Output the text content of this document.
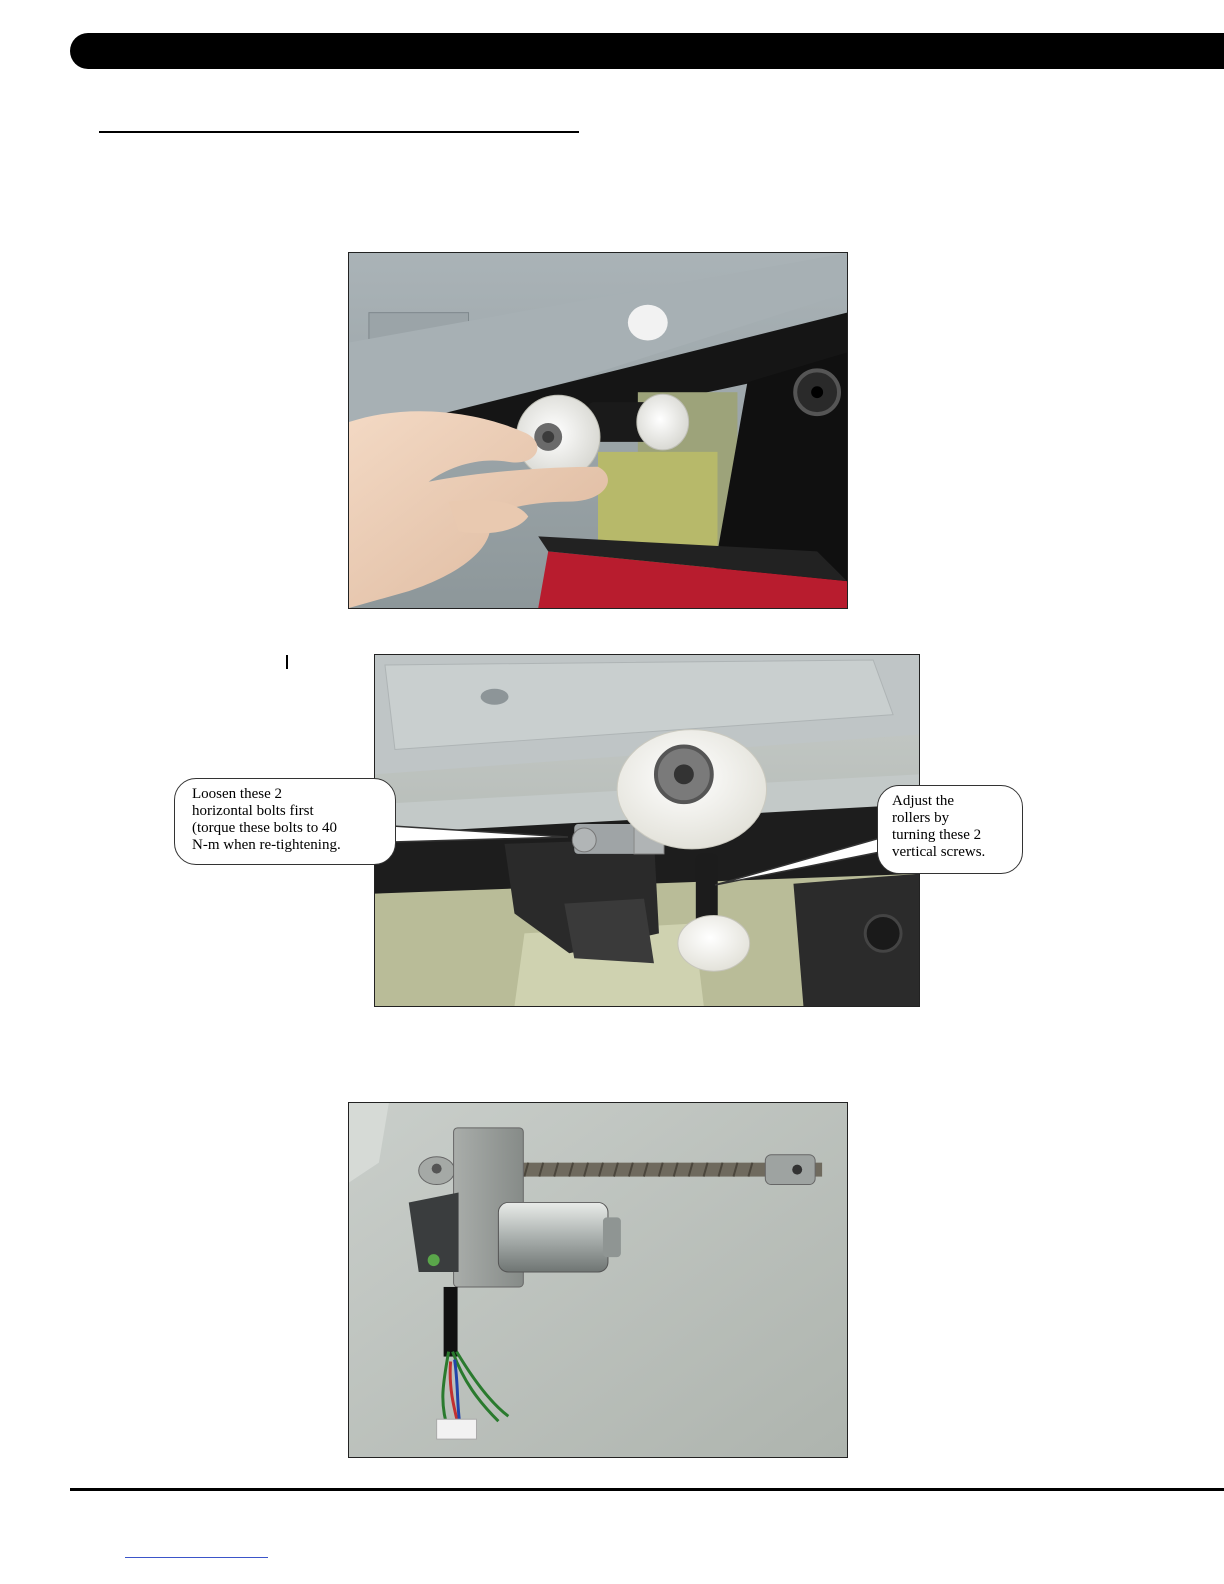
Loosen these 2
horizontal bolts first
(torque these bolts to 40
N-m when re-tightening.
Adjust the
rollers by
turning these 2
vertical screws.
